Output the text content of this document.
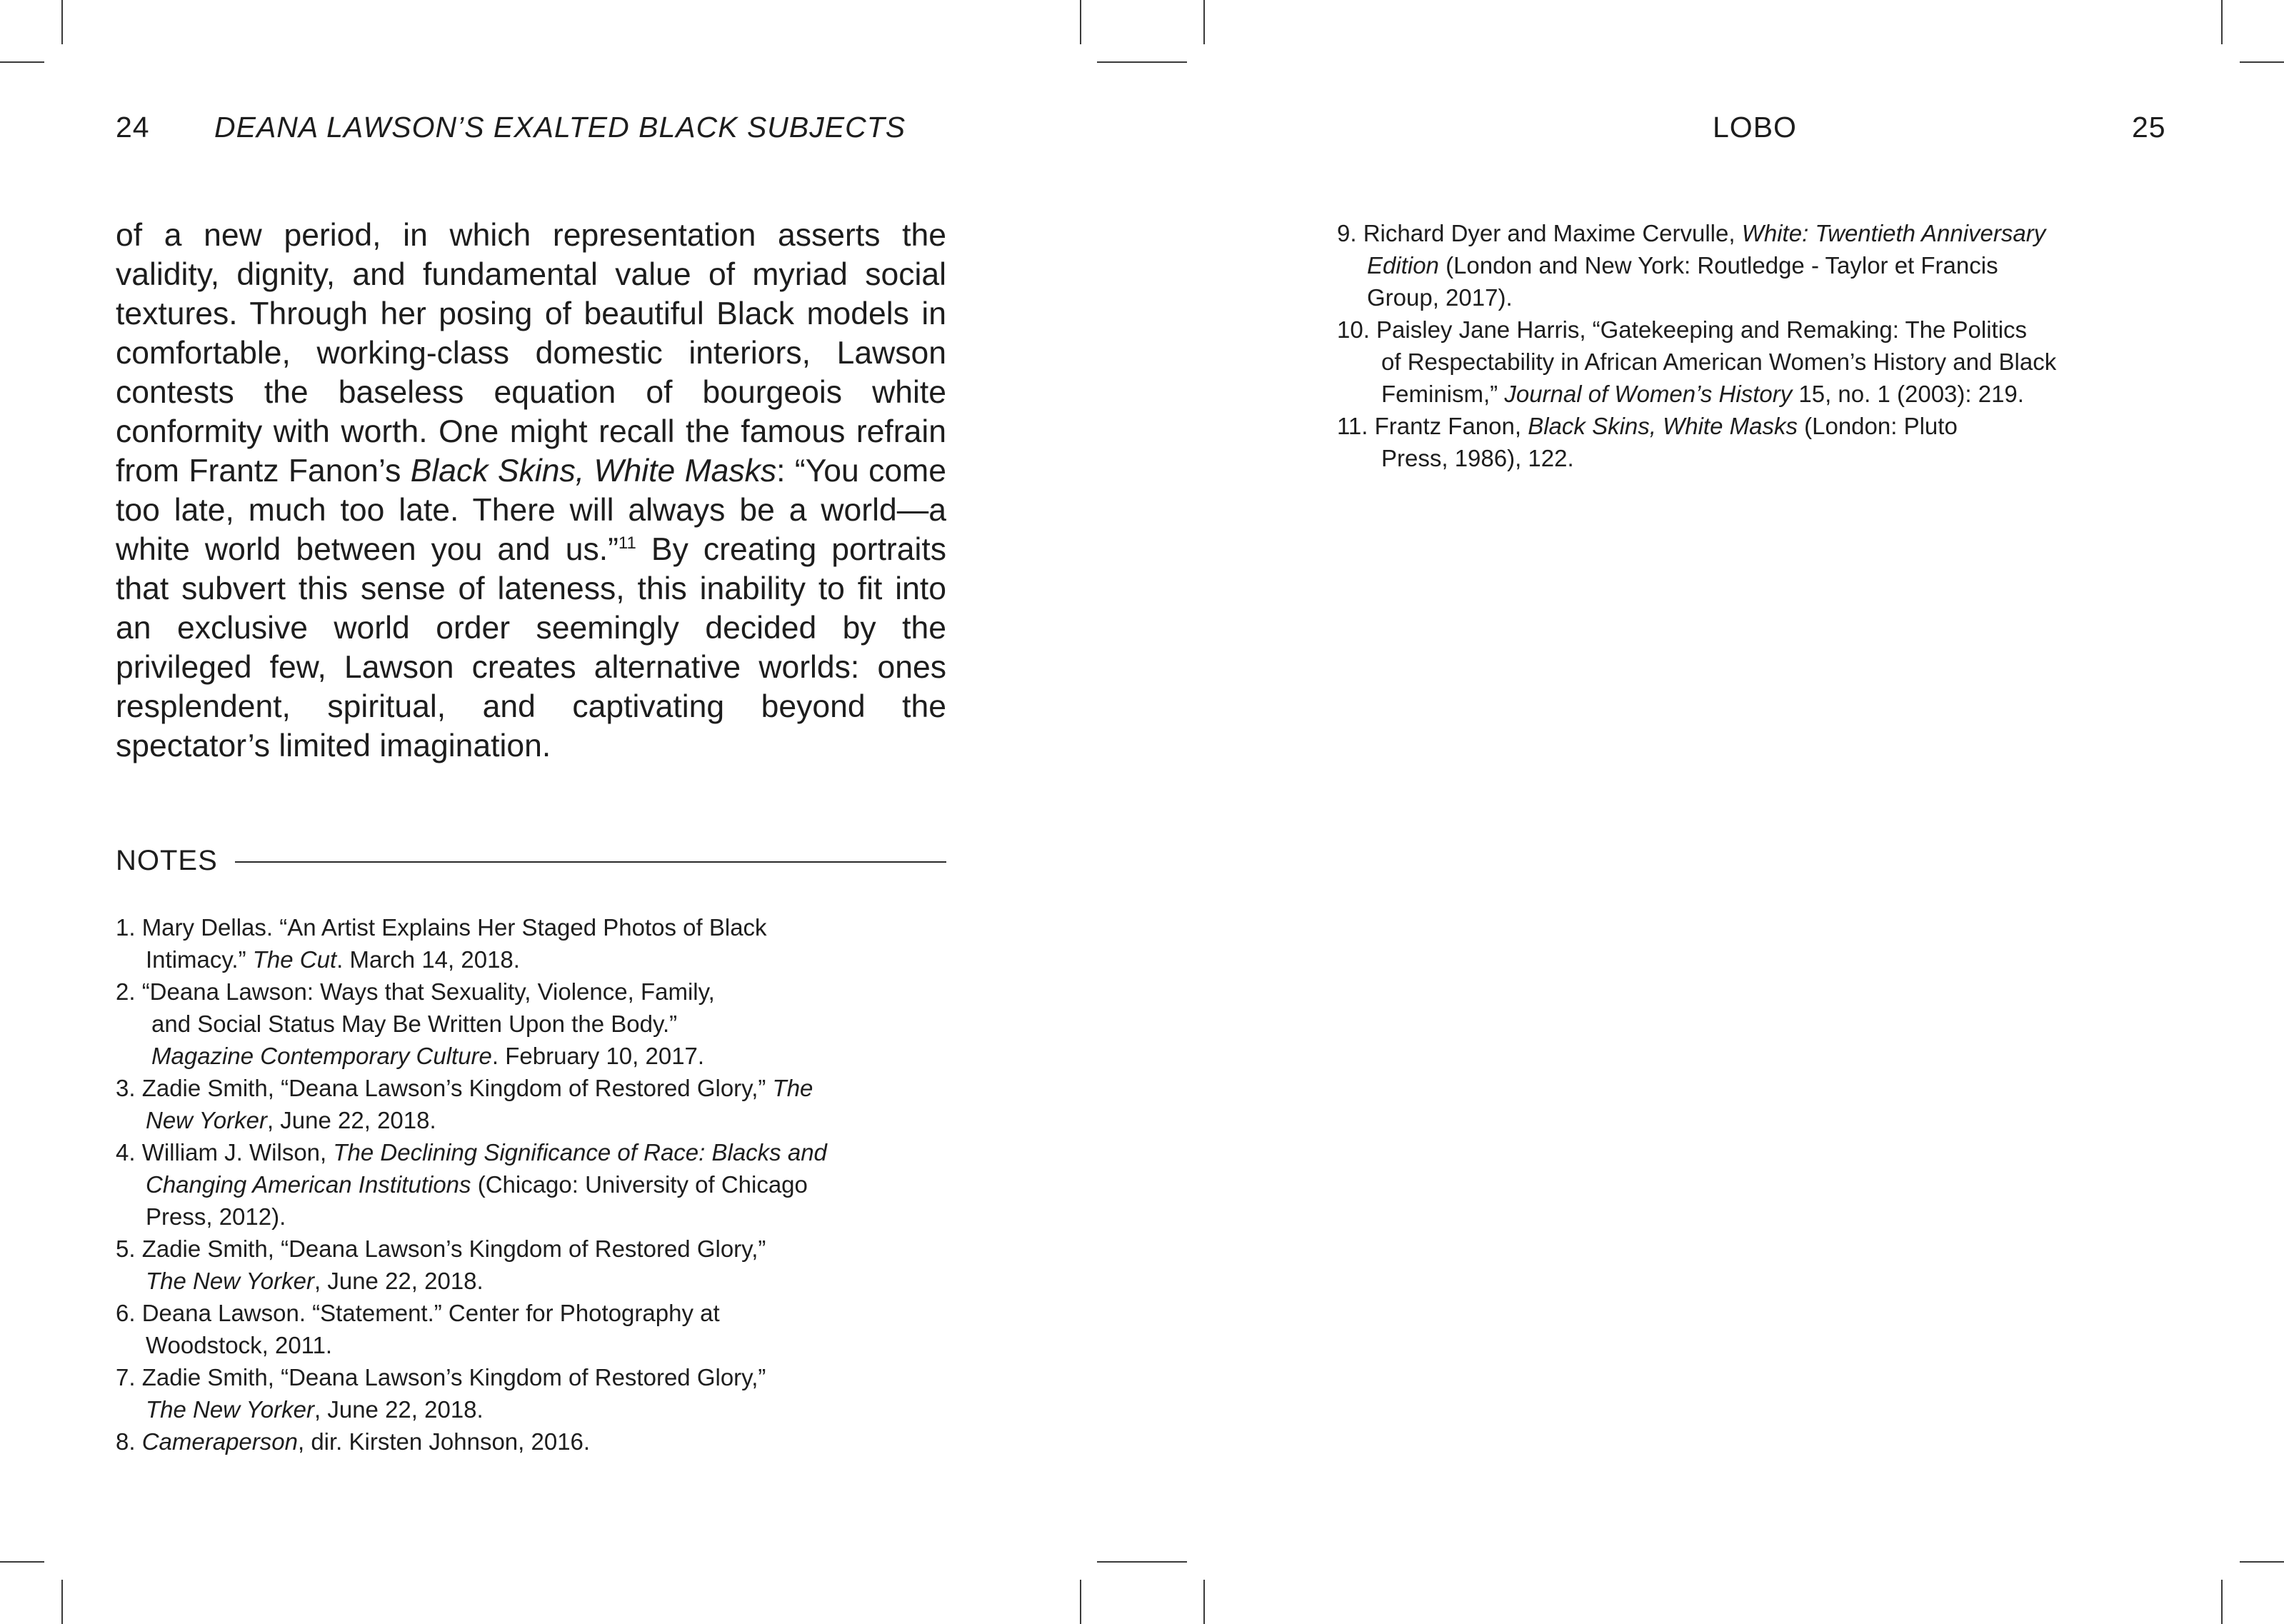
24 DEANA LAWSON’S EXALTED BLACK SUBJECTS	LOBO	25

of a new period, in which representation asserts the validity, dignity, and fundamental value of myriad social textures. Through her posing of beautiful Black models in comfortable, working-class domestic interiors, Lawson contests the baseless equation of bourgeois white conformity with worth. One might recall the famous refrain from Frantz Fanon’s Black Skins, White Masks: “You come too late, much too late. There will always be a world—a white world between you and us.”$^{11}$ By creating portraits that subvert this sense of lateness, this inability to fit into an exclusive world order seemingly decided by the privileged few, Lawson creates alternative worlds: ones resplendent, spiritual, and captivating beyond the spectator’s limited imagination.

NOTES
1. Mary Dellas. “An Artist Explains Her Staged Photos of Black
Intimacy.” The Cut. March 14, 2018.
2. “Deana Lawson: Ways that Sexuality, Violence, Family,
and Social Status May Be Written Upon the Body.”
Magazine Contemporary Culture. February 10, 2017.
3. Zadie Smith, “Deana Lawson’s Kingdom of Restored Glory,” The
New Yorker, June 22, 2018.
4. William J. Wilson, The Declining Significance of Race: Blacks and
Changing American Institutions (Chicago: University of Chicago
Press, 2012).
5. Zadie Smith, “Deana Lawson’s Kingdom of Restored Glory,”
The New Yorker, June 22, 2018.
6. Deana Lawson. “Statement.” Center for Photography at
Woodstock, 2011.
7. Zadie Smith, “Deana Lawson’s Kingdom of Restored Glory,”
The New Yorker, June 22, 2018.
8. Cameraperson, dir. Kirsten Johnson, 2016.
9. Richard Dyer and Maxime Cervulle, White: Twentieth Anniversary
Edition (London and New York: Routledge - Taylor et Francis
Group, 2017).
10. Paisley Jane Harris, “Gatekeeping and Remaking: The Politics
of Respectability in African American Women’s History and Black
Feminism,” Journal of Women’s History 15, no. 1 (2003): 219.
11. Frantz Fanon, Black Skins, White Masks (London: Pluto
Press, 1986), 122.
